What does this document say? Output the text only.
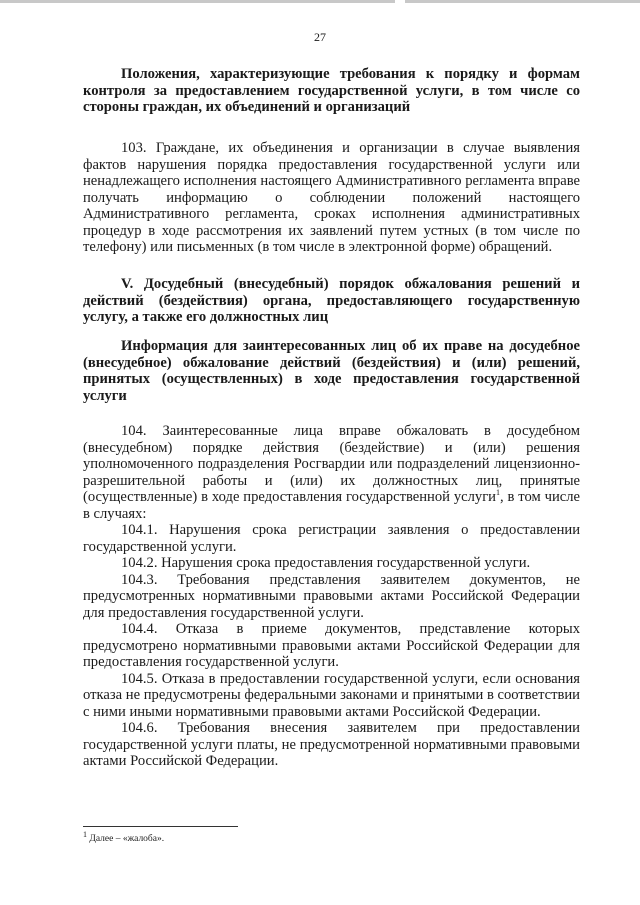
27

Положения, характеризующие требования к порядку и формам контроля за предоставлением государственной услуги, в том числе со стороны граждан, их объединений и организаций

103. Граждане, их объединения и организации в случае выявления фактов нарушения порядка предоставления государственной услуги или ненадлежащего исполнения настоящего Административного регламента вправе получать информацию о соблюдении положений настоящего Административного регламента, сроках исполнения административных процедур в ходе рассмотрения их заявлений путем устных (в том числе по телефону) или письменных (в том числе в электронной форме) обращений.

V. Досудебный (внесудебный) порядок обжалования решений и действий (бездействия) органа, предоставляющего государственную услугу, а также его должностных лиц

Информация для заинтересованных лиц об их праве на досудебное (внесудебное) обжалование действий (бездействия) и (или) решений, принятых (осуществленных) в ходе предоставления государственной услуги

104. Заинтересованные лица вправе обжаловать в досудебном (внесудебном) порядке действия (бездействие) и (или) решения уполномоченного подразделения Росгвардии или подразделений лицензионно-разрешительной работы и (или) их должностных лиц, принятые (осуществленные) в ходе предоставления государственной услуги$^1$, в том числе в случаях:

104.1. Нарушения срока регистрации заявления о предоставлении государственной услуги.

104.2. Нарушения срока предоставления государственной услуги.

104.3. Требования представления заявителем документов, не предусмотренных нормативными правовыми актами Российской Федерации для предоставления государственной услуги.

104.4. Отказа в приеме документов, представление которых предусмотрено нормативными правовыми актами Российской Федерации для предоставления государственной услуги.

104.5. Отказа в предоставлении государственной услуги, если основания отказа не предусмотрены федеральными законами и принятыми в соответствии с ними иными нормативными правовыми актами Российской Федерации.

104.6. Требования внесения заявителем при предоставлении государственной услуги платы, не предусмотренной нормативными правовыми актами Российской Федерации.

$^1$ Далее – «жалоба».
